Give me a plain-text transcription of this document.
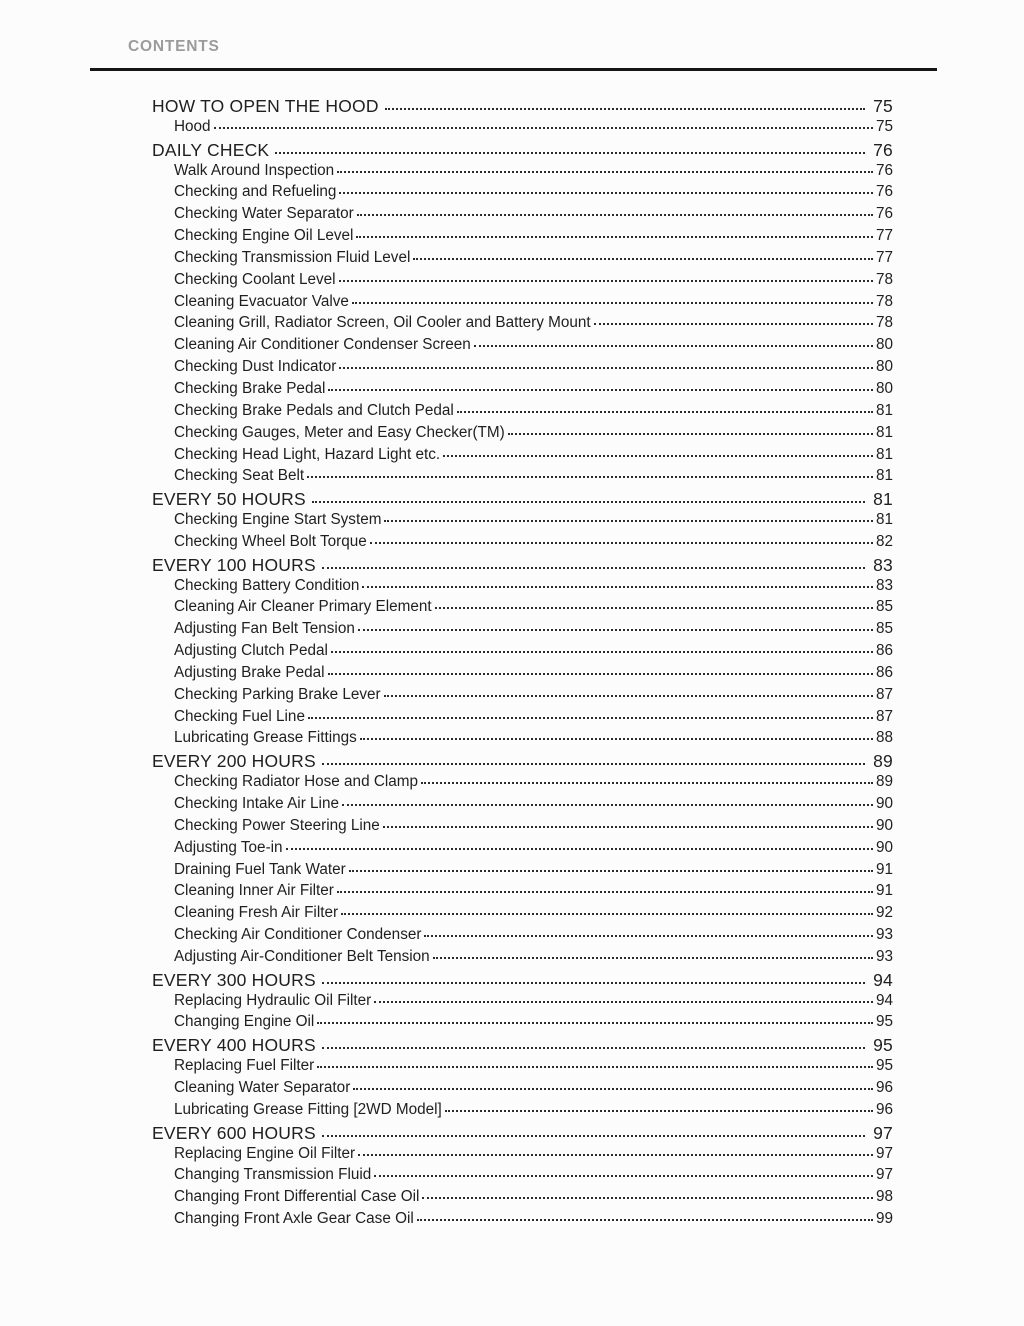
CONTENTS
HOW TO OPEN THE HOOD	75
Hood	75
DAILY CHECK	76
Walk Around Inspection	76
Checking and Refueling	76
Checking Water Separator	76
Checking Engine Oil Level	77
Checking Transmission Fluid Level	77
Checking Coolant Level	78
Cleaning Evacuator Valve	78
Cleaning Grill, Radiator Screen, Oil Cooler and Battery Mount	78
Cleaning Air Conditioner Condenser Screen	80
Checking Dust Indicator	80
Checking Brake Pedal	80
Checking Brake Pedals and Clutch Pedal	81
Checking Gauges, Meter and Easy Checker(TM)	81
Checking Head Light, Hazard Light etc.	81
Checking Seat Belt	81
EVERY 50 HOURS	81
Checking Engine Start System	81
Checking Wheel Bolt Torque	82
EVERY 100 HOURS	83
Checking Battery Condition	83
Cleaning Air Cleaner Primary Element	85
Adjusting Fan Belt Tension	85
Adjusting Clutch Pedal	86
Adjusting Brake Pedal	86
Checking Parking Brake Lever	87
Checking Fuel Line	87
Lubricating Grease Fittings	88
EVERY 200 HOURS	89
Checking Radiator Hose and Clamp	89
Checking Intake Air Line	90
Checking Power Steering Line	90
Adjusting Toe-in	90
Draining Fuel Tank Water	91
Cleaning Inner Air Filter	91
Cleaning Fresh Air Filter	92
Checking Air Conditioner Condenser	93
Adjusting Air-Conditioner Belt Tension	93
EVERY 300 HOURS	94
Replacing Hydraulic Oil Filter	94
Changing Engine Oil	95
EVERY 400 HOURS	95
Replacing Fuel Filter	95
Cleaning Water Separator	96
Lubricating Grease Fitting [2WD Model]	96
EVERY 600 HOURS	97
Replacing Engine Oil Filter	97
Changing Transmission Fluid	97
Changing Front Differential Case Oil	98
Changing Front Axle Gear Case Oil	99
